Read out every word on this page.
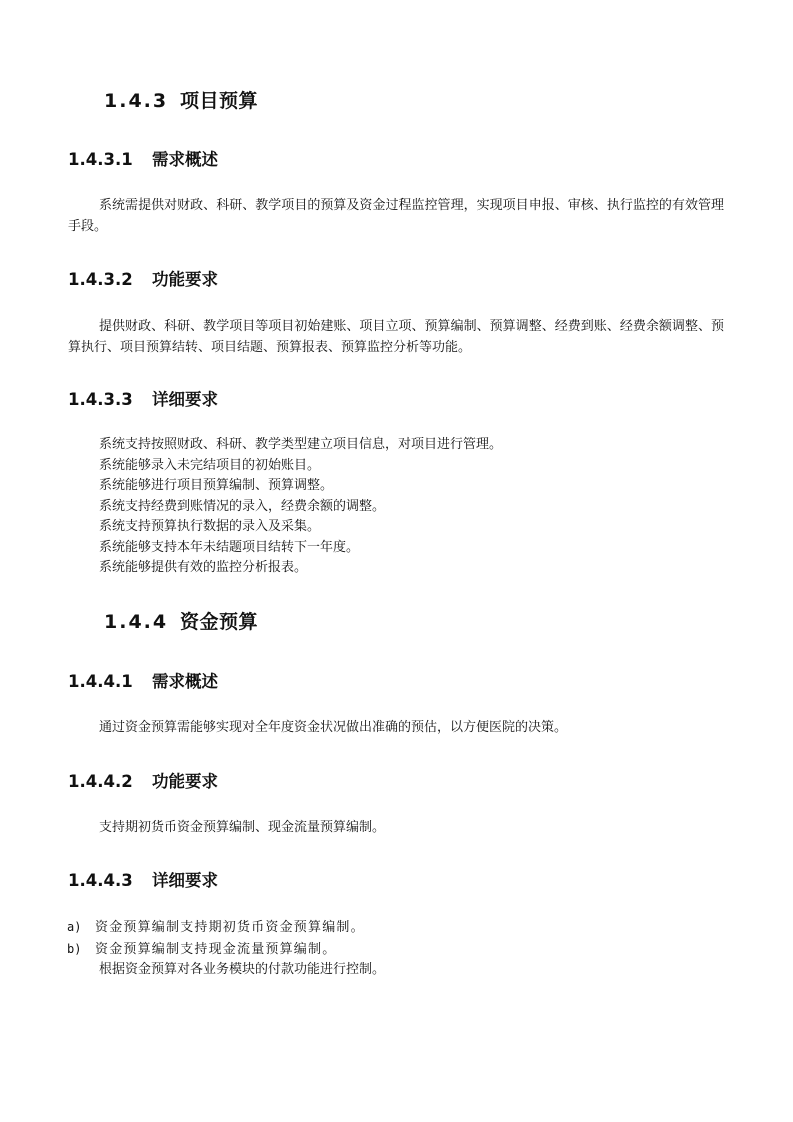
1.4.3 项目预算
1.4.3.1 需求概述
系统需提供对财政、科研、教学项目的预算及资金过程监控管理，实现项目申报、审核、执行监控的有效管理手段。
1.4.3.2 功能要求
提供财政、科研、教学项目等项目初始建账、项目立项、预算编制、预算调整、经费到账、经费余额调整、预算执行、项目预算结转、项目结题、预算报表、预算监控分析等功能。
1.4.3.3 详细要求
系统支持按照财政、科研、教学类型建立项目信息，对项目进行管理。
系统能够录入未完结项目的初始账目。
系统能够进行项目预算编制、预算调整。
系统支持经费到账情况的录入，经费余额的调整。
系统支持预算执行数据的录入及采集。
系统能够支持本年未结题项目结转下一年度。
系统能够提供有效的监控分析报表。
1.4.4 资金预算
1.4.4.1 需求概述
通过资金预算需能够实现对全年度资金状况做出准确的预估，以方便医院的决策。
1.4.4.2 功能要求
支持期初货币资金预算编制、现金流量预算编制。
1.4.4.3 详细要求
a) 资金预算编制支持期初货币资金预算编制。
b) 资金预算编制支持现金流量预算编制。
根据资金预算对各业务模块的付款功能进行控制。
